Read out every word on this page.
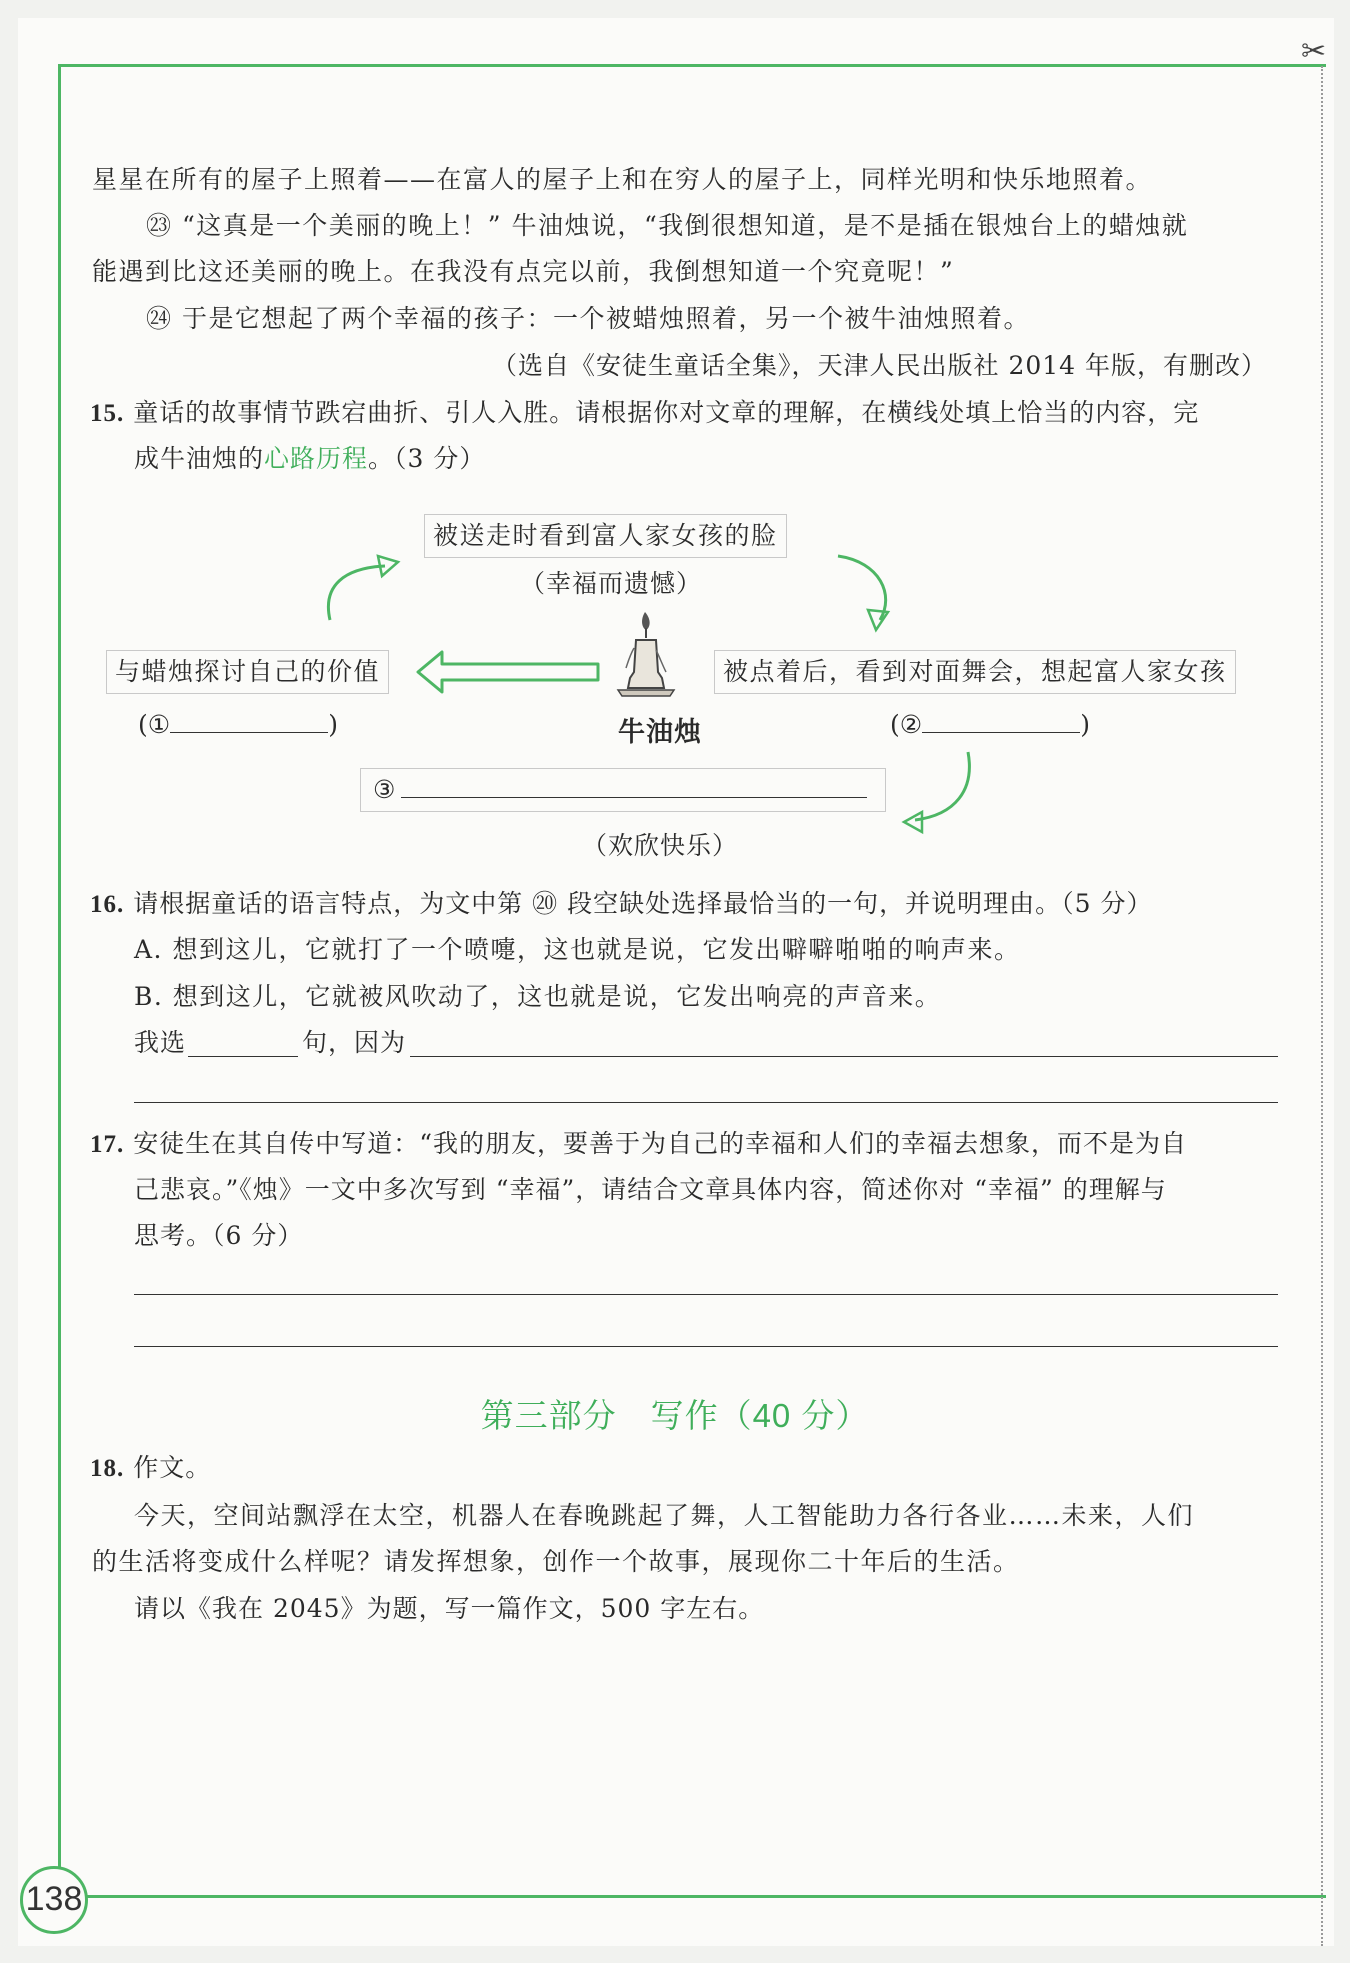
✂
138
星星在所有的屋子上照着——在富人的屋子上和在穷人的屋子上，同样光明和快乐地照着。
㉓ “这真是一个美丽的晚上！” 牛油烛说，“我倒很想知道，是不是插在银烛台上的蜡烛就
能遇到比这还美丽的晚上。在我没有点完以前，我倒想知道一个究竟呢！”
㉔ 于是它想起了两个幸福的孩子：一个被蜡烛照着，另一个被牛油烛照着。
（选自《安徒生童话全集》，天津人民出版社 2014 年版，有删改）
15. 童话的故事情节跌宕曲折、引人入胜。请根据你对文章的理解，在横线处填上恰当的内容，完
成牛油烛的心路历程。（3 分）
被送走时看到富人家女孩的脸
（幸福而遗憾）
与蜡烛探讨自己的价值
(①	)
被点着后，看到对面舞会，想起富人家女孩
(②	)
牛油烛
③
（欢欣快乐）
16. 请根据童话的语言特点，为文中第 ⑳ 段空缺处选择最恰当的一句，并说明理由。（5 分）
A. 想到这儿，它就打了一个喷嚏，这也就是说，它发出噼噼啪啪的响声来。
B. 想到这儿，它就被风吹动了，这也就是说，它发出响亮的声音来。
我选	句，因为
17. 安徒生在其自传中写道：“我的朋友，要善于为自己的幸福和人们的幸福去想象，而不是为自
己悲哀。”《烛》一文中多次写到 “幸福”，请结合文章具体内容，简述你对 “幸福” 的理解与
思考。（6 分）
第三部分　写作（40 分）
18. 作文。
今天，空间站飘浮在太空，机器人在春晚跳起了舞，人工智能助力各行各业……未来，人们
的生活将变成什么样呢？请发挥想象，创作一个故事，展现你二十年后的生活。
请以《我在 2045》为题，写一篇作文，500 字左右。
